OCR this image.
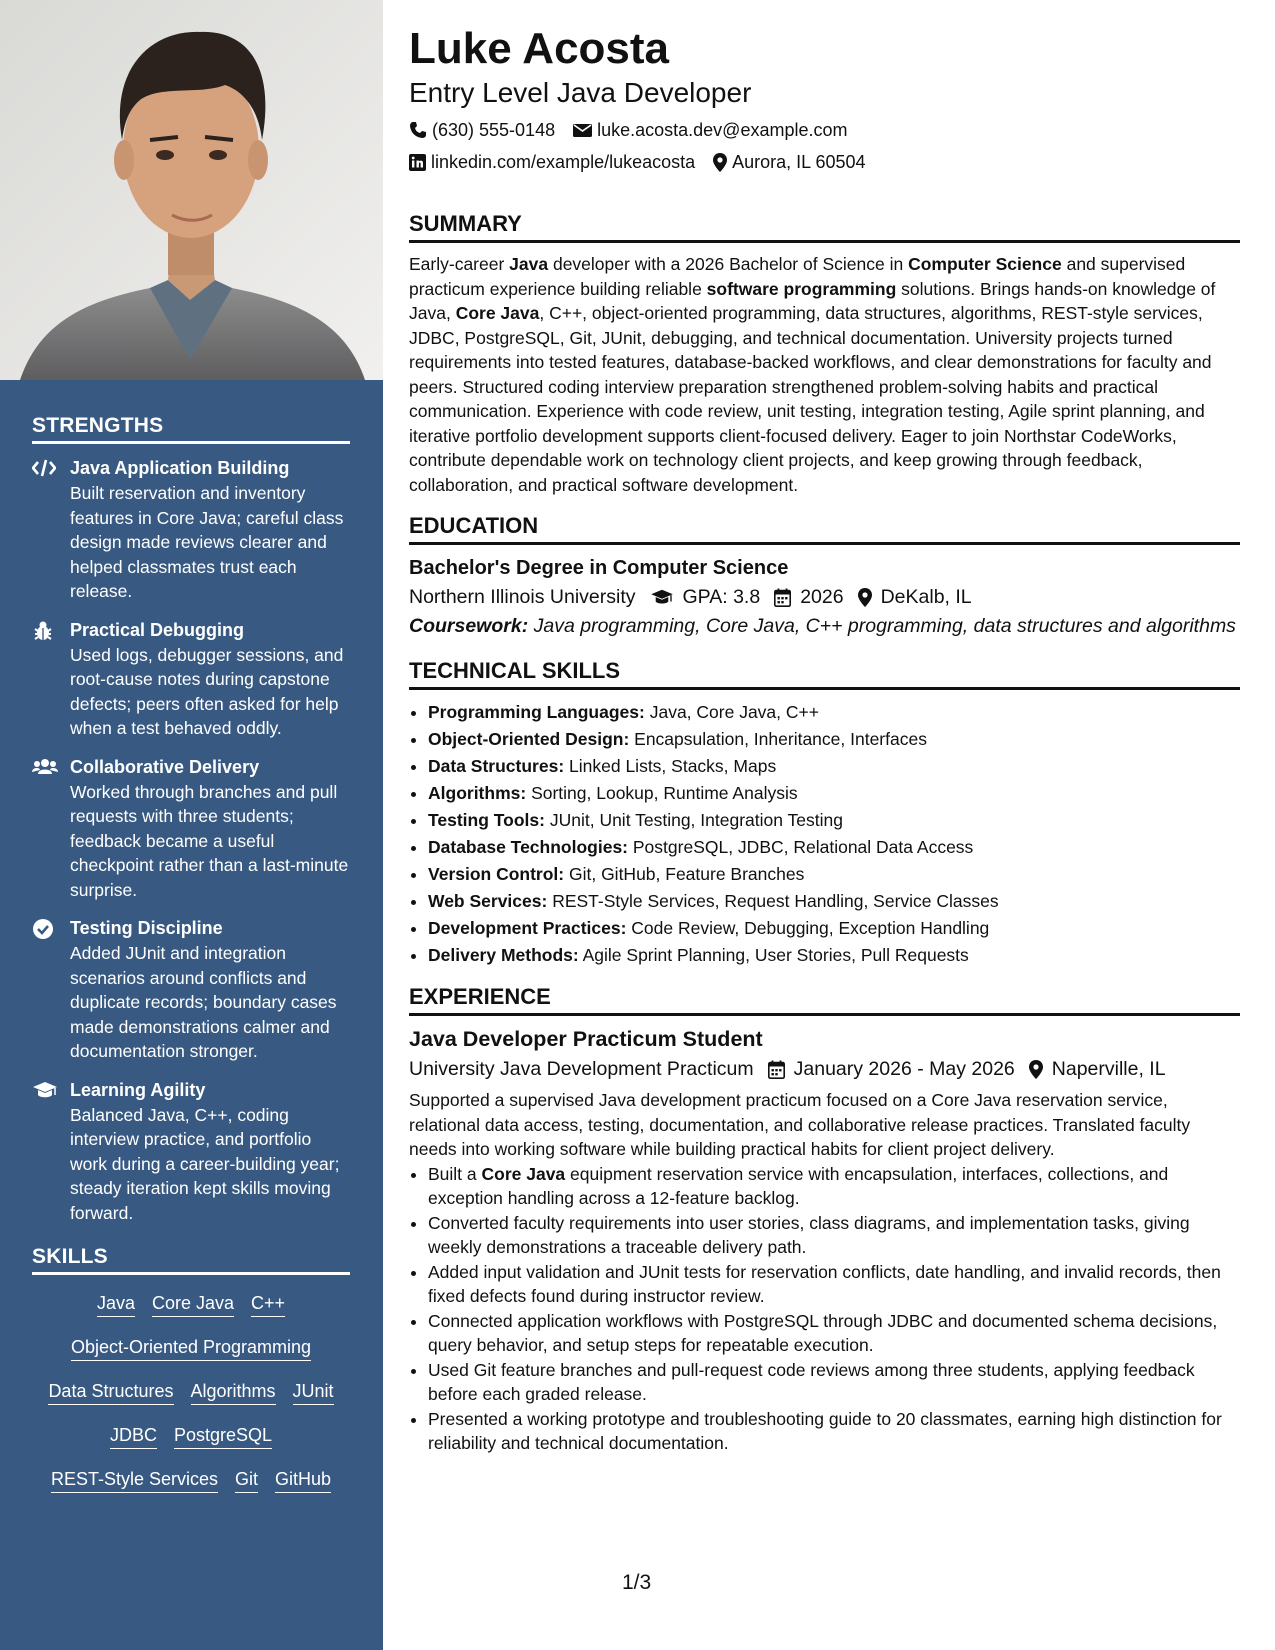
STRENGTHS
Java Application Building
Built reservation and inventory features in Core Java; careful class design made reviews clearer and helped classmates trust each release.
Practical Debugging
Used logs, debugger sessions, and root-cause notes during capstone defects; peers often asked for help when a test behaved oddly.
Collaborative Delivery
Worked through branches and pull requests with three students; feedback became a useful checkpoint rather than a last-minute surprise.
Testing Discipline
Added JUnit and integration scenarios around conflicts and duplicate records; boundary cases made demonstrations calmer and documentation stronger.
Learning Agility
Balanced Java, C++, coding interview practice, and portfolio work during a career-building year; steady iteration kept skills moving forward.
SKILLS
Java Core Java C++
Object-Oriented Programming
Data Structures Algorithms JUnit
JDBC PostgreSQL
REST-Style Services Git GitHub
Luke Acosta
Entry Level Java Developer
(630) 555-0148 luke.acosta.dev@example.com
linkedin.com/example/lukeacosta Aurora, IL 60504
SUMMARY

Early-career Java developer with a 2026 Bachelor of Science in Computer Science and supervised practicum experience building reliable software programming solutions. Brings hands-on knowledge of Java, Core Java, C++, object-oriented programming, data structures, algorithms, REST-style services, JDBC, PostgreSQL, Git, JUnit, debugging, and technical documentation. University projects turned requirements into tested features, database-backed workflows, and clear demonstrations for faculty and peers. Structured coding interview preparation strengthened problem-solving habits and practical communication. Experience with code review, unit testing, integration testing, Agile sprint planning, and iterative portfolio development supports client-focused delivery. Eager to join Northstar CodeWorks, contribute dependable work on technology client projects, and keep growing through feedback, collaboration, and practical software development.

EDUCATION
Bachelor's Degree in Computer Science
Northern Illinois University GPA: 3.8 2026 DeKalb, IL
Coursework: Java programming, Core Java, C++ programming, data structures and algorithms
TECHNICAL SKILLS
• Programming Languages: Java, Core Java, C++
• Object-Oriented Design: Encapsulation, Inheritance, Interfaces
• Data Structures: Linked Lists, Stacks, Maps
• Algorithms: Sorting, Lookup, Runtime Analysis
• Testing Tools: JUnit, Unit Testing, Integration Testing
• Database Technologies: PostgreSQL, JDBC, Relational Data Access
• Version Control: Git, GitHub, Feature Branches
• Web Services: REST-Style Services, Request Handling, Service Classes
• Development Practices: Code Review, Debugging, Exception Handling
• Delivery Methods: Agile Sprint Planning, User Stories, Pull Requests
EXPERIENCE
Java Developer Practicum Student
University Java Development Practicum January 2026 - May 2026 Naperville, IL

Supported a supervised Java development practicum focused on a Core Java reservation service, relational data access, testing, documentation, and collaborative release practices. Translated faculty needs into working software while building practical habits for client project delivery.

• Built a Core Java equipment reservation service with encapsulation, interfaces, collections, and exception handling across a 12-feature backlog.
• Converted faculty requirements into user stories, class diagrams, and implementation tasks, giving weekly demonstrations a traceable delivery path.
• Added input validation and JUnit tests for reservation conflicts, date handling, and invalid records, then fixed defects found during instructor review.
• Connected application workflows with PostgreSQL through JDBC and documented schema decisions, query behavior, and setup steps for repeatable execution.
• Used Git feature branches and pull-request code reviews among three students, applying feedback before each graded release.
• Presented a working prototype and troubleshooting guide to 20 classmates, earning high distinction for reliability and technical documentation.
1/3
